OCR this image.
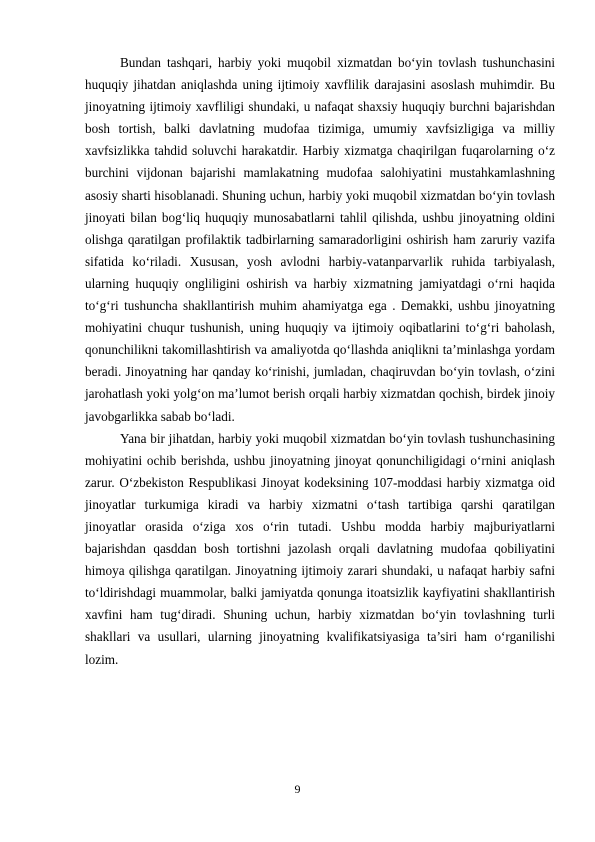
Bundan tashqari, harbiy yoki muqobil xizmatdan bo‘yin tovlash tushunchasini huquqiy jihatdan aniqlashda uning ijtimoiy xavflilik darajasini asoslash muhimdir. Bu jinoyatning ijtimoiy xavfliligi shundaki, u nafaqat shaxsiy huquqiy burchni bajarishdan bosh tortish, balki davlatning mudofaa tizimiga, umumiy xavfsizligiga va milliy xavfsizlikka tahdid soluvchi harakatdir. Harbiy xizmatga chaqirilgan fuqarolarning o‘z burchini vijdonan bajarishi mamlakatning mudofaa salohiyatini mustahkamlashning asosiy sharti hisoblanadi. Shuning uchun, harbiy yoki muqobil xizmatdan bo‘yin tovlash jinoyati bilan bog‘liq huquqiy munosabatlarni tahlil qilishda, ushbu jinoyatning oldini olishga qaratilgan profilaktik tadbirlarning samaradorligini oshirish ham zaruriy vazifa sifatida ko‘riladi. Xususan, yosh avlodni harbiy-vatanparvarlik ruhida tarbiyalash, ularning huquqiy ongliligini oshirish va harbiy xizmatning jamiyatdagi o‘rni haqida to‘g‘ri tushuncha shakllantirish muhim ahamiyatga ega . Demakki, ushbu jinoyatning mohiyatini chuqur tushunish, uning huquqiy va ijtimoiy oqibatlarini to‘g‘ri baholash, qonunchilikni takomillashtirish va amaliyotda qo‘llashda aniqlikni ta’minlashga yordam beradi. Jinoyatning har qanday ko‘rinishi, jumladan, chaqiruvdan bo‘yin tovlash, o‘zini jarohatlash yoki yolg‘on ma’lumot berish orqali harbiy xizmatdan qochish, birdek jinoiy javobgarlikka sabab bo‘ladi.

Yana bir jihatdan, harbiy yoki muqobil xizmatdan bo‘yin tovlash tushunchasining mohiyatini ochib berishda, ushbu jinoyatning jinoyat qonunchiligidagi o‘rnini aniqlash zarur. O‘zbekiston Respublikasi Jinoyat kodeksining 107-moddasi harbiy xizmatga oid jinoyatlar turkumiga kiradi va harbiy xizmatni o‘tash tartibiga qarshi qaratilgan jinoyatlar orasida o‘ziga xos o‘rin tutadi. Ushbu modda harbiy majburiyatlarni bajarishdan qasddan bosh tortishni jazolash orqali davlatning mudofaa qobiliyatini himoya qilishga qaratilgan. Jinoyatning ijtimoiy zarari shundaki, u nafaqat harbiy safni to‘ldirishdagi muammolar, balki jamiyatda qonunga itoatsizlik kayfiyatini shakllantirish xavfini ham tug‘diradi. Shuning uchun, harbiy xizmatdan bo‘yin tovlashning turli shakllari va usullari, ularning jinoyatning kvalifikatsiyasiga ta’siri ham o‘rganilishi lozim.

9
